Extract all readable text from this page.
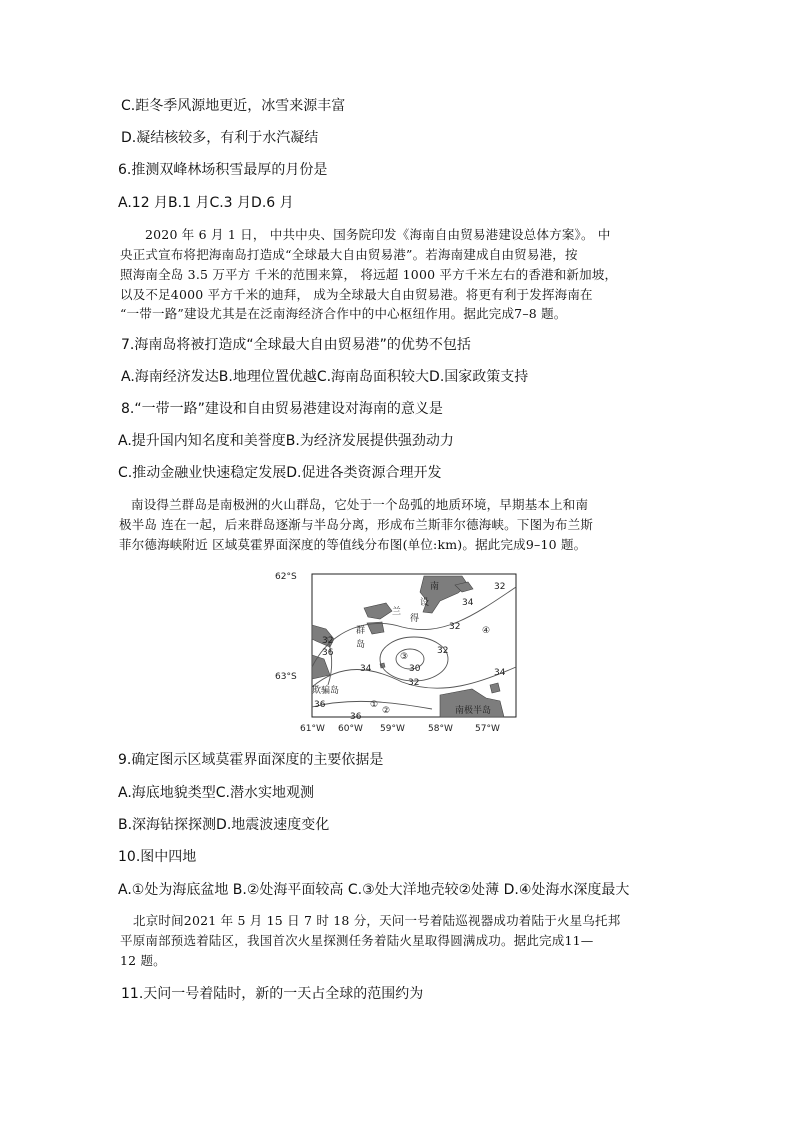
C.距冬季风源地更近，冰雪来源丰富
D.凝结核较多，有利于水汽凝结
6.推测双峰林场积雪最厚的月份是
A.12 月B.1 月C.3 月D.6 月
2020 年 6 月 1 日， 中共中央、国务院印发《海南自由贸易港建设总体方案》。 中
央正式宣布将把海南岛打造成“全球最大自由贸易港”。若海南建成自由贸易港，按
照海南全岛 3.5 万平方 千米的范围来算， 将远超 1000 平方千米左右的香港和新加坡，
以及不足4000 平方千米的迪拜， 成为全球最大自由贸易港。将更有利于发挥海南在
“一带一路”建设尤其是在泛南海经济合作中的中心枢纽作用。据此完成7–8 题。
7.海南岛将被打造成“全球最大自由贸易港”的优势不包括
A.海南经济发达B.地理位置优越C.海南岛面积较大D.国家政策支持
8.“一带一路”建设和自由贸易港建设对海南的意义是
A.提升国内知名度和美誉度B.为经济发展提供强劲动力
C.推动金融业快速稳定发展D.促进各类资源合理开发
南设得兰群岛是南极洲的火山群岛，它处于一个岛弧的地质环境，早期基本上和南
极半岛 连在一起，后来群岛逐渐与半岛分离，形成布兰斯菲尔德海峡。下图为布兰斯
菲尔德海峡附近 区域莫霍界面深度的等值线分布图(单位:km)。据此完成9–10 题。
62°S
63°S
61°W 60°W 59°W	58°W 57°W
南
设
兰
得
群
岛
欺骗岛
南极半岛
32
34
32
36
34	30
32
32
34
36
36
32
①
②
③
④
9.确定图示区域莫霍界面深度的主要依据是
A.海底地貌类型C.潜水实地观测
B.深海钻探探测D.地震波速度变化
10.图中四地
A.①处为海底盆地 B.②处海平面较高 C.③处大洋地壳较②处薄 D.④处海水深度最大
北京时间2021 年 5 月 15 日 7 时 18 分，天问一号着陆巡视器成功着陆于火星乌托邦
平原南部预选着陆区，我国首次火星探测任务着陆火星取得圆满成功。据此完成11—
12 题。
11.天问一号着陆时，新的一天占全球的范围约为
